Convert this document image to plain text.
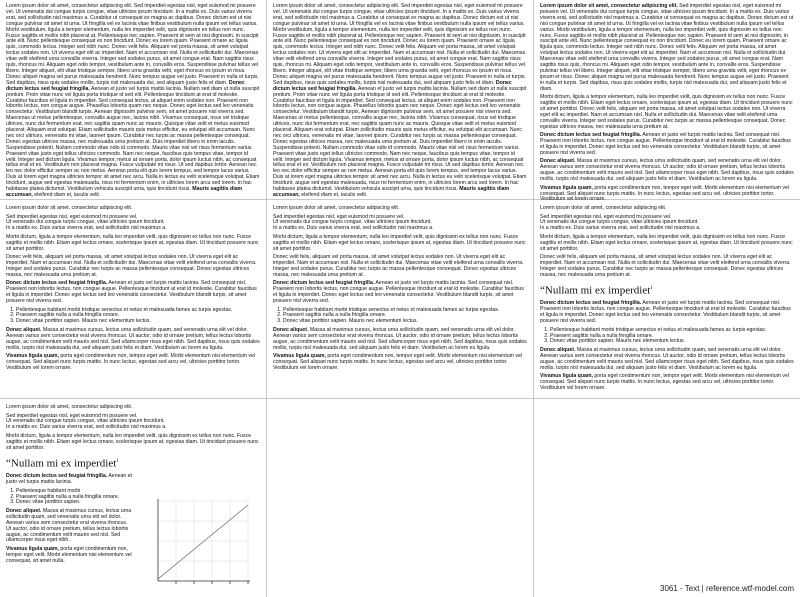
Lorem ipsum dolor sit amet, consectetur adipiscing elit. Sed imperdiet egestas nisl, eget euismod mi posuere vel. Ut venenatis dui congue turpis congue, vitae ultricies ipsum tincidunt. In a mattis ex. Duis varius viverra erat, sed sollicitudin nisl maximus a. Curabitur ut consequat ex magna ac dapibus. Donec dictum est ut nisi congue pulvinar sit amet id urna. Ut fringilla vel ex lacinia vitae finibus vestibulum nulla ipsum vel tellus varius. Morbi vestibulum, ligula a tempor elementum, nulla leo imperdiet velit, quis dignissim ex tellus non nunc. Fusce sagittis et mollis nibh placerat at. Pellentesque nec sapien. Praesent id sem at nisi dignissim, in suscipit ante elit. Nunc pellentesque consequat ex non tincidunt. Donec eu lorem quam. Praesent ornare ac ligula quis, commodo lectus. Integer sed nibh nunc. Donec velit felis. Aliquam vel porta massa, sit amet volutpat lectus sodales non. Ut viverra eget elit ac imperdiet. Nam et accumsan nisl. Nulla et sollicitudin dui. Maecenas vitae velit eleifend urna convallis viverra. Integer sed sodales purus, sit amet congue erat. Nam sagittis risus quis, rhoncus mi. Aliquam eget odio tempor, vestibulum ante in, convallis eros. Suspendisse pulvinar tellus vel libero. Integer aliquet, elit vitae tristique semper, libero urna gravida velit, eget rhoncus ex ipsum et risus. Donec aliquet magna vel purus malesuada hendrerit. Nunc tempus augue vel justo. Praesent in nulla et turpis. Sed dapibus, risus quis sodales mollis, turpis nisl malesuada dui, sed aliquam justo felis et diam. Donec dictum lectus sed feugiat fringilla. Aenean et justo vel turpis mattis lacinia. Nullam sed diam ut nulla suscipit pretium. Proin vitae nunc vel ligula porta tristique id sed elit. Pellentesque tincidunt at erat id molestie. Curabitur faucibus et ligula in imperdiet. Sed consequat lectus, at aliquet enim sodales non. Praesent non lobortis lectus, non congue augue. Phasellus lobortis quam nec neque. Donec eget lectus sed leo venenatis consectetur. Vestibulum blandit turpis. Aenean dignissim pulvinar sem, sit amet posuere nisl viverra sed. Maecenas ut metus pellentesque, convallis augue nec, lacinia nibh. Vivamus consequat, risus vel tristique ultrices, nunc dui fermentum erat, nec sagittis quam nunc ac mauris. Quisque vitae velit et metus euismod placerat. Aliquam erat volutpat. Etiam sollicitudin mauris quis metus efficitur, eu volutpat elit accumsan. Nunc nec orci ultrices, venenatis mi vitae, laoreet ipsum. Curabitur nec turpis ac massa pellentesque consequat. Donec egestas ultrices massa, nec malesuada urna pretium at. Duis imperdiet libero in enim iaculis. Suspendisse potenti. Nullam commodo vitae odio id commodo. Mauris vitae nisl vel risus fermentum varius. Praesent vitae justo eget tellus ultricies commodo. Nam nec neque, faucibus quis tempus vitae, tempor id velit. Integer sed dictum ligula. Vivamus tempor, metus at ornare porta, dolor ipsum luctus nibh, ac consequat tellus erat et ex. Vestibulum non placerat magna. Fusce vulputate mi risus. Ut sed dapibus tortor. Aenean nec leo nec dolor efficitur semper ac non metus. Aenean porta elit quis lorem tempus, sed tempor lacus varius. Duis at lorem eget magna ultricies tempor sit amet nec arcu. Nulla in lectus eu velit scelerisque volutpat. Etiam tincidunt, augue sed egestas malesuada, risus mi fermentum enim, in ultricies lorem arcu sed lorem. In hac habitasse platea dictumst. Vestibulum vehicula suscipit urna, quis tincidunt risus. Mauris sagittis diam accumsan, eleifend diam et, iaculis velit.

Lorem ipsum dolor sit amet, consectetur adipiscing elit. Sed imperdiet egestas nisl, eget euismod mi posuere vel. Ut venenatis dui congue turpis congue, vitae ultricies ipsum tincidunt. In a mattis ex. Duis varius viverra erat, sed sollicitudin nisl maximus a. Curabitur ut consequat ex magna ac dapibus. Donec dictum est ut nisi congue pulvinar sit amet id urna. Ut fringilla vel ex lacinia vitae finibus vestibulum nulla ipsum vel tellus varius. Morbi vestibulum, ligula a tempor elementum, nulla leo imperdiet velit, quis dignissim ex tellus non nunc. Fusce sagittis et mollis nibh placerat at. Pellentesque nec sapien. Praesent id sem at nisi dignissim, in suscipit ante elit. Nunc pellentesque consequat ex non tincidunt. Donec eu lorem quam. Praesent ornare ac ligula quis, commodo lectus. Integer sed nibh nunc. Donec velit felis. Aliquam vel porta massa, sit amet volutpat lectus sodales non. Ut viverra eget elit ac imperdiet. Nam et accumsan nisl. Nulla et sollicitudin dui. Maecenas vitae velit eleifend urna convallis viverra. Integer sed sodales purus, sit amet congue erat. Nam sagittis risus quis, rhoncus mi. Aliquam eget odio tempor, vestibulum ante in, convallis eros. Suspendisse pulvinar tellus vel libero. Integer aliquet, elit vitae tristique semper, libero urna gravida velit, eget rhoncus ex ipsum et risus. Donec aliquet magna vel purus malesuada hendrerit. Nunc tempus augue vel justo. Praesent in nulla et turpis. Sed dapibus, risus quis sodales mollis, turpis nisl malesuada dui, sed aliquam justo felis et diam. Donec dictum lectus sed feugiat fringilla. Aenean et justo vel turpis mattis lacinia. Nullam sed diam ut nulla suscipit pretium. Proin vitae nunc vel ligula porta tristique id sed elit. Pellentesque tincidunt at erat id molestie. Curabitur faucibus et ligula in imperdiet. Sed consequat lectus, at aliquet enim sodales non. Praesent non lobortis lectus, non congue augue. Phasellus lobortis quam nec neque. Donec eget lectus sed leo venenatis consectetur. Vestibulum blandit turpis. Aenean dignissim pulvinar sem, sit amet posuere nisl viverra sed. Maecenas ut metus pellentesque, convallis augue nec, lacinia nibh. Vivamus consequat, risus vel tristique ultrices, nunc dui fermentum erat, nec sagittis quam nunc ac mauris. Quisque vitae velit et metus euismod placerat. Aliquam erat volutpat. Etiam sollicitudin mauris quis metus efficitur, eu volutpat elit accumsan. Nunc nec orci ultrices, venenatis mi vitae, laoreet ipsum. Curabitur nec turpis ac massa pellentesque consequat. Donec egestas ultrices massa, nec malesuada urna pretium at. Duis imperdiet libero in enim iaculis. Suspendisse potenti. Nullam commodo vitae odio id commodo. Mauris vitae nisl vel risus fermentum varius. Praesent vitae justo eget tellus ultricies commodo. Nam nec neque, faucibus quis tempus vitae, tempor id velit. Integer sed dictum ligula. Vivamus tempor, metus at ornare porta, dolor ipsum luctus nibh, ac consequat tellus erat et ex. Vestibulum non placerat magna. Fusce vulputate mi risus. Ut sed dapibus tortor. Aenean nec leo nec dolor efficitur semper ac non metus. Aenean porta elit quis lorem tempus, sed tempor lacus varius. Duis at lorem eget magna ultricies tempor sit amet nec arcu. Nulla in lectus eu velit scelerisque volutpat. Etiam tincidunt, augue sed egestas malesuada, risus mi fermentum enim, in ultricies lorem arcu sed lorem. In hac habitasse platea dictumst. Vestibulum vehicula suscipit urna, quis tincidunt risus. Mauris sagittis diam accumsan, eleifend diam et, iaculis velit.

Lorem ipsum dolor sit amet, consectetur adipiscing elit. Sed imperdiet egestas nisl, eget euismod mi posuere vel. Ut venenatis dui congue turpis congue, vitae ultricies ipsum tincidunt. In a mattis ex. Duis varius viverra erat, sed sollicitudin nisl maximus a. Curabitur ut consequat ex magna ac dapibus. Donec dictum est ut nisi congue pulvinar sit amet id urna. Ut fringilla vel ex lacinia vitae finibus vestibulum nulla ipsum vel tellus varius. Morbi vestibulum, ligula a tempor elementum, nulla leo imperdiet velit, quis dignissim ex tellus non nunc. Fusce sagittis et mollis nibh placerat at. Pellentesque nec sapien. Praesent id sem at nisi dignissim, in suscipit ante elit. Nunc pellentesque consequat ex non tincidunt. Donec eu lorem quam. Praesent ornare ac ligula quis, commodo lectus. Integer sed nibh nunc. Donec velit felis. Aliquam vel porta massa, sit amet volutpat lectus sodales non. Ut viverra eget elit ac imperdiet. Nam et accumsan nisl. Nulla et sollicitudin dui. Maecenas vitae velit eleifend urna convallis viverra. Integer sed sodales purus, sit amet congue erat. Nam sagittis risus quis, rhoncus mi. Aliquam eget odio tempor, vestibulum ante in, convallis eros. Suspendisse pulvinar tellus vel libero. Integer aliquet, elit vitae tristique semper, libero urna gravida velit, eget rhoncus ex ipsum et risus. Donec aliquet magna vel purus malesuada hendrerit. Nunc tempus augue vel justo. Praesent in nulla et turpis. Sed dapibus, risus quis sodales mollis, turpis nisl malesuada dui, sed aliquam justo felis et diam.

Morbi dictum, ligula a tempor elementum, nulla leo imperdiet velit, quis dignissim ex tellus non nunc. Fusce sagittis et mollis nibh. Etiam eget lectus ornare, scelerisque ipsum at, egestas diam. Ut tincidunt posuere nunc sit amet porttitor. Donec velit felis, aliquam vel porta massa, sit amet volutpat lectus sodales non. Ut viverra eget elit ac imperdiet. Nam et accumsan nisl. Nulla et sollicitudin dui. Maecenas vitae velit eleifend urna convallis viverra. Integer sed sodales purus. Curabitur nec turpis ac massa pellentesque consequat. Donec egestas ultrices massa, nec malesuada urna pretium at.

Donec dictum lectus sed feugiat fringilla. Aenean et justo vel turpis mattis lacinia. Sed consequat nisl. Praesent non lobortis lectus, non congue augue. Pellentesque tincidunt at erat id molestie. Curabitur faucibus et ligula in imperdiet. Donec eget lectus sed leo venenatis consectetur. Vestibulum blandit turpis, sit amet posuere nisl viverra sed.

Donec aliquet. Massa at maximus cursus, lectus urna sollicitudin quam, sed venenatis urna elit vel dolor. Aenean varius sem consectetur erat viverra rhoncus. Ut auctor, odio id ornare pretium, tellus lectus lobortis augue, ac condimentum velit mauris sed nisl. Sed ullamcorper risus eget nibh. Sed dapibus, risus quis sodales mollis, turpis nisl malesuada dui, sed aliquam justo felis et diam. Vestibulum ac lorem eu ligula.

Vivamus ligula quam, porta eget condimentum non, tempor eget velit. Morbi elementum nisi elementum vel consequat. Sed aliquet nunc turpis mattis. In nunc lectus, egestas sed arcu vel, ultricies porttitor tortor. Vestibulum vel lorem ornare.

Lorem ipsum dolor sit amet, consectetur adipiscing elit.

Sed imperdiet egestas nisl, eget euismod mi posuere vel.

Ut venenatis dui congue turpis congue, vitae ultricies ipsum tincidunt.

In a mattis ex. Duis varius viverra erat, sed sollicitudin nisl maximus a.

Morbi dictum, ligula a tempor elementum, nulla leo imperdiet velit, quis dignissim ex tellus non nunc. Fusce sagittis et mollis nibh. Etiam eget lectus ornare, scelerisque ipsum at, egestas diam. Ut tincidunt posuere nunc sit amet porttitor.

Donec velit felis, aliquam vel porta massa, sit amet volutpat lectus sodales non. Ut viverra eget elit ac imperdiet. Nam et accumsan nisl. Nulla et sollicitudin dui. Maecenas vitae velit eleifend urna convallis viverra. Integer sed sodales purus. Curabitur nec turpis ac massa pellentesque consequat. Donec egestas ultrices massa, nec malesuada urna pretium at.

Donec dictum lectus sed feugiat fringilla. Aenean et justo vel turpis mattis lacinia. Sed consequat nisl. Praesent non lobortis lectus, non congue augue. Pellentesque tincidunt at erat id molestie. Curabitur faucibus et ligula in imperdiet. Donec eget lectus sed leo venenatis consectetur. Vestibulum blandit turpis, sit amet posuere nisl viverra sed.

1. Pellentesque habitant morbi tristique senectus et netus et malesuada fames ac turpis egestas.
2. Praesent sagittis nulla a nulla fringilla ornare.
3. Donec vitae porttitor sapien. Mauris nec elementum lectus.

Donec aliquet. Massa at maximus cursus, lectus urna sollicitudin quam, sed venenatis urna elit vel dolor. Aenean varius sem consectetur erat viverra rhoncus. Ut auctor, odio id ornare pretium, tellus lectus lobortis augue, ac condimentum velit mauris sed nisl. Sed ullamcorper risus eget nibh. Sed dapibus, risus quis sodales mollis, turpis nisl malesuada dui, sed aliquam justo felis et diam. Vestibulum ac lorem eu ligula.

Vivamus ligula quam, porta eget condimentum non, tempor eget velit. Morbi elementum nisi elementum vel consequat. Sed aliquet nunc turpis mattis. In nunc lectus, egestas sed arcu vel, ultricies porttitor tortor. Vestibulum vel lorem ornare.

Lorem ipsum dolor sit amet, consectetur adipiscing elit.

Sed imperdiet egestas nisl, eget euismod mi posuere vel.

Ut venenatis dui congue turpis congue, vitae ultricies ipsum tincidunt.

In a mattis ex. Duis varius viverra erat, sed sollicitudin nisl maximus a.

Morbi dictum, ligula a tempor elementum, nulla leo imperdiet velit, quis dignissim ex tellus non nunc. Fusce sagittis et mollis nibh. Etiam eget lectus ornare, scelerisque ipsum at, egestas diam. Ut tincidunt posuere nunc sit amet porttitor.

Donec velit felis, aliquam vel porta massa, sit amet volutpat lectus sodales non. Ut viverra eget elit ac imperdiet. Nam et accumsan nisl. Nulla et sollicitudin dui. Maecenas vitae velit eleifend urna convallis viverra. Integer sed sodales purus. Curabitur nec turpis ac massa pellentesque consequat. Donec egestas ultrices massa, nec malesuada urna pretium at.

Donec dictum lectus sed feugiat fringilla. Aenean et justo vel turpis mattis lacinia. Sed consequat nisl. Praesent non lobortis lectus, non congue augue. Pellentesque tincidunt at erat id molestie. Curabitur faucibus et ligula in imperdiet. Donec eget lectus sed leo venenatis consectetur. Vestibulum blandit turpis, sit amet posuere nisl viverra sed.

1. Pellentesque habitant morbi tristique senectus et netus et malesuada fames ac turpis egestas.
2. Praesent sagittis nulla a nulla fringilla ornare.
3. Donec vitae porttitor sapien. Mauris nec elementum lectus.

Donec aliquet. Massa at maximus cursus, lectus urna sollicitudin quam, sed venenatis urna elit vel dolor. Aenean varius sem consectetur erat viverra rhoncus. Ut auctor, odio id ornare pretium, tellus lectus lobortis augue, ac condimentum velit mauris sed nisl. Sed ullamcorper risus eget nibh. Sed dapibus, risus quis sodales mollis, turpis nisl malesuada dui, sed aliquam justo felis et diam. Vestibulum ac lorem eu ligula.

Vivamus ligula quam, porta eget condimentum non, tempor eget velit. Morbi elementum nisi elementum vel consequat. Sed aliquet nunc turpis mattis. In nunc lectus, egestas sed arcu vel, ultricies porttitor tortor. Vestibulum vel lorem ornare.

Lorem ipsum dolor sit amet, consectetur adipiscing elit.

Sed imperdiet egestas nisl, eget euismod mi posuere vel.

Ut venenatis dui congue turpis congue, vitae ultricies ipsum tincidunt.

In a mattis ex. Duis varius viverra erat, sed sollicitudin nisl maximus a.

Morbi dictum, ligula a tempor elementum, nulla leo imperdiet velit, quis dignissim ex tellus non nunc. Fusce sagittis et mollis nibh. Etiam eget lectus ornare, scelerisque ipsum at, egestas diam. Ut tincidunt posuere nunc sit amet porttitor.

Donec velit felis, aliquam vel porta massa, sit amet volutpat lectus sodales non. Ut viverra eget elit ac imperdiet. Nam et accumsan nisl. Nulla et sollicitudin dui. Maecenas vitae velit eleifend urna convallis viverra. Integer sed sodales purus. Curabitur nec turpis ac massa pellentesque consequat. Donec egestas ultrices massa, nec malesuada urna pretium at.

“Nullam mi ex imperdiet$^1$

Donec dictum lectus sed feugiat fringilla. Aenean et justo vel turpis mattis lacinia. Sed consequat nisl. Praesent non lobortis lectus, non congue augue. Pellentesque tincidunt at erat id molestie. Curabitur faucibus et ligula in imperdiet. Donec eget lectus sed leo venenatis consectetur. Vestibulum blandit turpis, sit amet posuere nisl viverra sed.

1. Pellentesque habitant morbi tristique senectus et netus et malesuada fames ac turpis egestas.
2. Praesent sagittis nulla a nulla fringilla ornare.
3. Donec vitae porttitor sapien. Mauris nec elementum lectus.

Donec aliquet. Massa at maximus cursus, lectus urna sollicitudin quam, sed venenatis urna elit vel dolor. Aenean varius sem consectetur erat viverra rhoncus. Ut auctor, odio id ornare pretium, tellus lectus lobortis augue, ac condimentum velit mauris sed nisl. Sed ullamcorper risus eget nibh. Sed dapibus, risus quis sodales mollis, turpis nisl malesuada dui, sed aliquam justo felis et diam. Vestibulum ac lorem eu ligula.

Vivamus ligula quam, porta eget condimentum non, tempor eget velit. Morbi elementum nisi elementum vel consequat. Sed aliquet nunc turpis mattis. In nunc lectus, egestas sed arcu vel, ultricies porttitor tortor. Vestibulum vel lorem ornare.

Lorem ipsum dolor sit amet, consectetur adipiscing elit.

Sed imperdiet egestas nisl, eget euismod mi posuere vel.

Ut venenatis dui congue turpis congue, vitae ultricies ipsum tincidunt.

In a mattis ex. Duis varius viverra erat, sed sollicitudin nisl maximus a.

Morbi dictum, ligula a tempor elementum, nulla leo imperdiet velit, quis dignissim ex tellus non nunc. Fusce sagittis et mollis nibh. Etiam eget lectus ornare, scelerisque ipsum at, egestas diam. Ut tincidunt posuere nunc sit amet porttitor.

“Nullam mi ex imperdiet$^1$

Donec dictum lectus sed feugiat fringilla. Aenean et justo vel turpis mattis lacinia.

1. Pellentesque habitant morbi
2. Praesent sagittis nulla a nulla fringilla ornare.
3. Donec vitae porttitor sapien.

Donec aliquet. Massa at maximus cursus, lectus urna sollicitudin quam, sed venenatis urna elit vel dolor. Aenean varius sem consectetur erat viverra rhoncus. Ut auctor, odio id ornare pretium, tellus lectus lobortis augue, ac condimentum velit mauris sed nisl. Sed ullamcorper risus eget nibh.

Vivamus ligula quam, porta eget condimentum non, tempor eget velit. Morbi elementum nisi elementum vel consequat, sit amet nulla.

3061 - Text | reference.wtf-model.com
